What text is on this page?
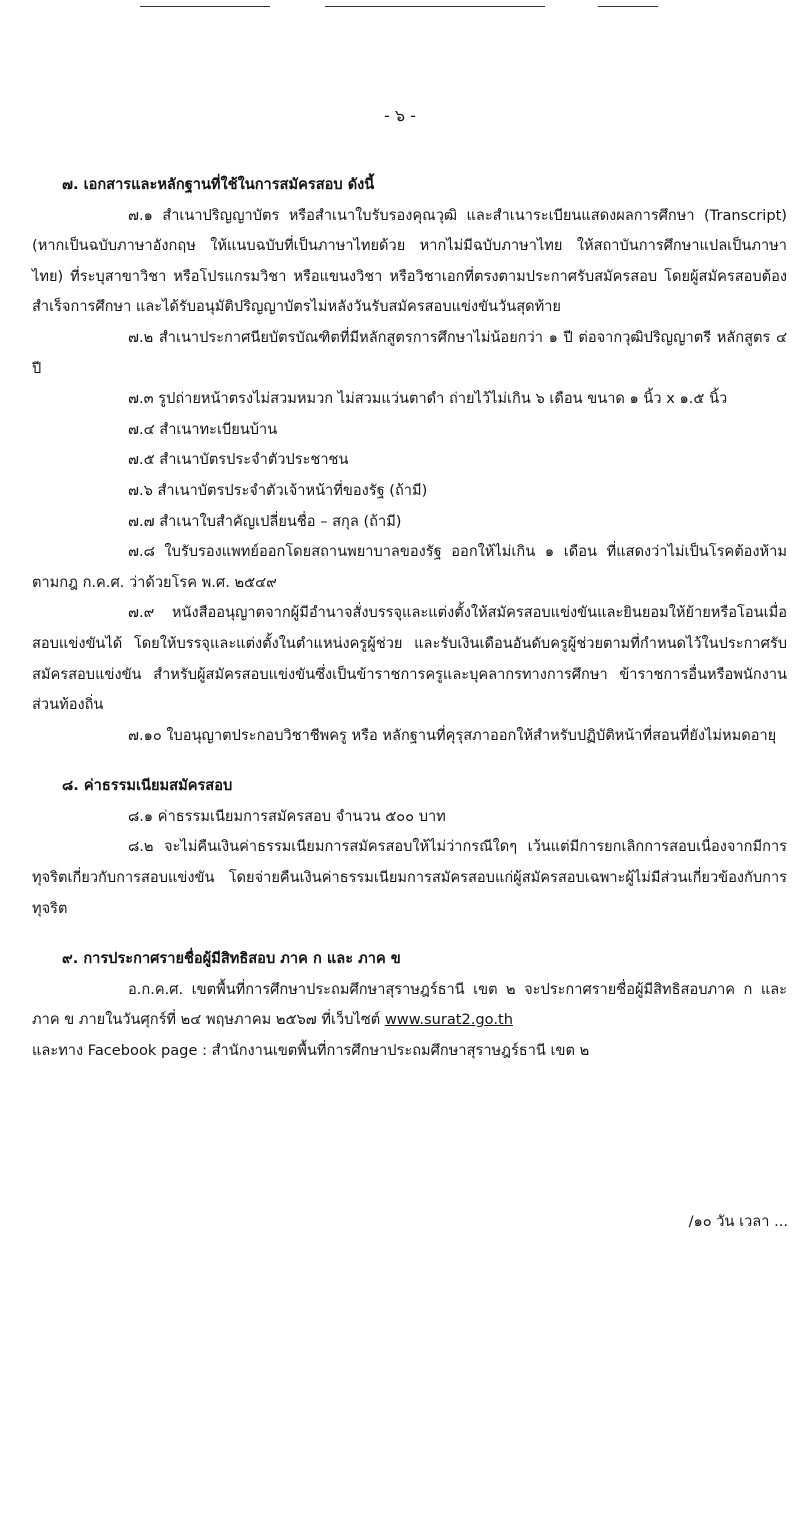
- ๖ -

๗. เอกสารและหลักฐานที่ใช้ในการสมัครสอบ ดังนี้

๗.๑ สำเนาปริญญาบัตร หรือสำเนาใบรับรองคุณวุฒิ และสำเนาระเบียนแสดงผลการศึกษา (Transcript) (หากเป็นฉบับภาษาอังกฤษ ให้แนบฉบับที่เป็นภาษาไทยด้วย หากไม่มีฉบับภาษาไทย ให้สถาบันการศึกษาแปลเป็นภาษาไทย) ที่ระบุสาขาวิชา หรือโปรแกรมวิชา หรือแขนงวิชา หรือวิชาเอกที่ตรงตามประกาศรับสมัครสอบ โดยผู้สมัครสอบต้องสำเร็จการศึกษา และได้รับอนุมัติปริญญาบัตรไม่หลังวันรับสมัครสอบแข่งขันวันสุดท้าย

๗.๒ สำเนาประกาศนียบัตรบัณฑิตที่มีหลักสูตรการศึกษาไม่น้อยกว่า ๑ ปี ต่อจากวุฒิปริญญาตรี หลักสูตร ๔ ปี

๗.๓ รูปถ่ายหน้าตรงไม่สวมหมวก ไม่สวมแว่นตาดำ ถ่ายไว้ไม่เกิน ๖ เดือน ขนาด ๑ นิ้ว x ๑.๕ นิ้ว

๗.๔ สำเนาทะเบียนบ้าน

๗.๕ สำเนาบัตรประจำตัวประชาชน

๗.๖ สำเนาบัตรประจำตัวเจ้าหน้าที่ของรัฐ (ถ้ามี)

๗.๗ สำเนาใบสำคัญเปลี่ยนชื่อ – สกุล (ถ้ามี)

๗.๘ ใบรับรองแพทย์ออกโดยสถานพยาบาลของรัฐ ออกให้ไม่เกิน ๑ เดือน ที่แสดงว่าไม่เป็นโรคต้องห้ามตามกฎ ก.ค.ศ. ว่าด้วยโรค พ.ศ. ๒๕๔๙

๗.๙ หนังสืออนุญาตจากผู้มีอำนาจสั่งบรรจุและแต่งตั้งให้สมัครสอบแข่งขันและยินยอมให้ย้ายหรือโอนเมื่อสอบแข่งขันได้ โดยให้บรรจุและแต่งตั้งในตำแหน่งครูผู้ช่วย และรับเงินเดือนอันดับครูผู้ช่วยตามที่กำหนดไว้ในประกาศรับสมัครสอบแข่งขัน สำหรับผู้สมัครสอบแข่งขันซึ่งเป็นข้าราชการครูและบุคลากรทางการศึกษา ข้าราชการอื่นหรือพนักงานส่วนท้องถิ่น

๗.๑๐ ใบอนุญาตประกอบวิชาชีพครู หรือ หลักฐานที่คุรุสภาออกให้สำหรับปฏิบัติหน้าที่สอนที่ยังไม่หมดอายุ

๘. ค่าธรรมเนียมสมัครสอบ

๘.๑ ค่าธรรมเนียมการสมัครสอบ จำนวน ๕๐๐ บาท

๘.๒ จะไม่คืนเงินค่าธรรมเนียมการสมัครสอบให้ไม่ว่ากรณีใดๆ เว้นแต่มีการยกเลิกการสอบเนื่องจากมีการทุจริตเกี่ยวกับการสอบแข่งขัน โดยจ่ายคืนเงินค่าธรรมเนียมการสมัครสอบแก่ผู้สมัครสอบเฉพาะผู้ไม่มีส่วนเกี่ยวข้องกับการทุจริต

๙. การประกาศรายชื่อผู้มีสิทธิสอบ ภาค ก และ ภาค ข

อ.ก.ค.ศ. เขตพื้นที่การศึกษาประถมศึกษาสุราษฎร์ธานี เขต ๒ จะประกาศรายชื่อผู้มีสิทธิสอบภาค ก และ ภาค ข ภายในวันศุกร์ที่ ๒๔ พฤษภาคม ๒๕๖๗ ที่เว็บไซต์ www.surat2.go.th

และทาง Facebook page : สำนักงานเขตพื้นที่การศึกษาประถมศึกษาสุราษฎร์ธานี เขต ๒

/๑๐ วัน เวลา ...
